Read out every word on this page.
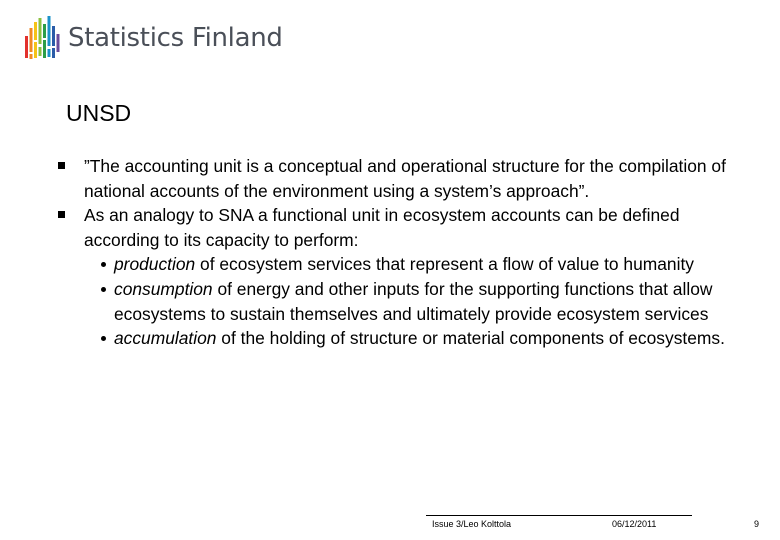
Statistics Finland
UNSD
”The accounting unit is a conceptual and operational structure for the compilation of national accounts of the environment using a system’s approach”.
As an analogy to SNA a functional unit in ecosystem accounts can be defined according to its capacity to perform:
production of ecosystem services that represent a flow of value to humanity
consumption of energy and other inputs for the supporting functions that allow ecosystems to sustain themselves and ultimately provide ecosystem services
accumulation of the holding of structure or material components of ecosystems.
Issue 3/Leo Kolttola	06/12/2011	9
